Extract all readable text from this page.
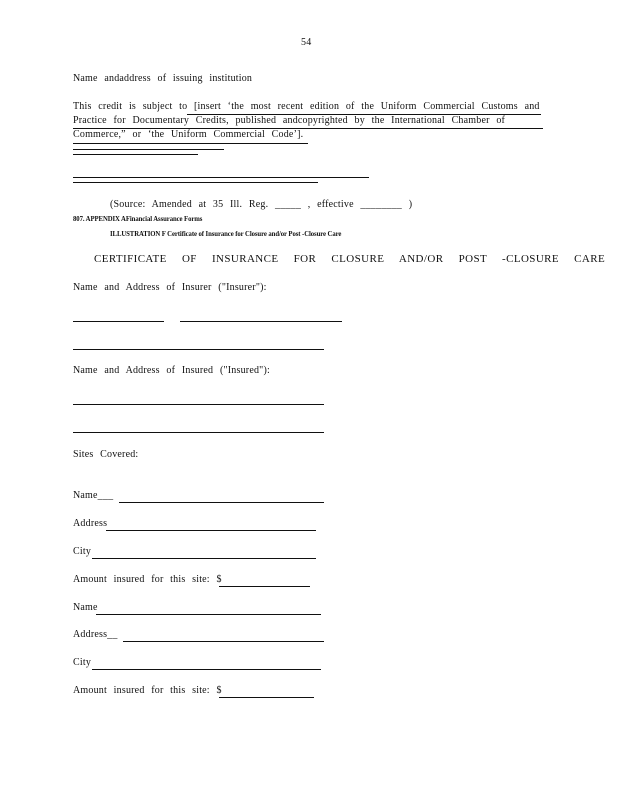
54
Name andaddress of issuing institution
This credit is subject to [insert ‘the most recent edition of the Uniform Commercial Customs and
Practice for Documentary Credits, published andcopyrighted by the International Chamber of
Commerce,” or ‘the Uniform Commercial Code’].
(Source: Amended at 35 Ill. Reg. _____ , effective ________ )
807. APPENDIX AFinancial Assurance Forms
ILLUSTRATION F Certificate of Insurance for Closure and/or Post -Closure Care
CERTIFICATE OF INSURANCE FOR CLOSURE AND/OR POST -CLOSURE CARE
Name and Address of Insurer ("Insurer"):
Name and Address of Insured ("Insured"):
Sites Covered:
Name___
Address
City
Amount insured for this site: $
Name
Address__
City
Amount insured for this site: $
